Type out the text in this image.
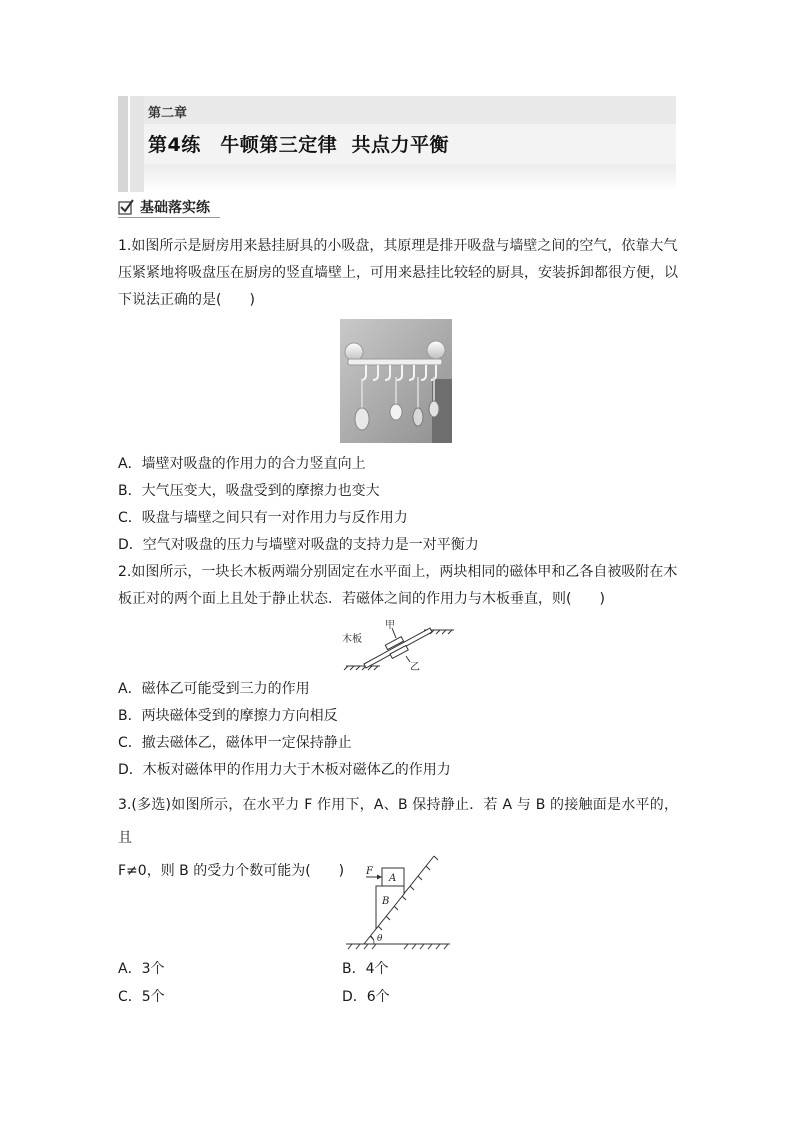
第二章
第4练　牛顿第三定律  共点力平衡
基础落实练
1.如图所示是厨房用来悬挂厨具的小吸盘，其原理是排开吸盘与墙壁之间的空气，依靠大气
压紧紧地将吸盘压在厨房的竖直墙壁上，可用来悬挂比较轻的厨具，安装拆卸都很方便，以
下说法正确的是(　　)
A．墙壁对吸盘的作用力的合力竖直向上
B．大气压变大，吸盘受到的摩擦力也变大
C．吸盘与墙壁之间只有一对作用力与反作用力
D．空气对吸盘的压力与墙壁对吸盘的支持力是一对平衡力
2.如图所示，一块长木板两端分别固定在水平面上，两块相同的磁体甲和乙各自被吸附在木
板正对的两个面上且处于静止状态．若磁体之间的作用力与木板垂直，则(　　)
甲
木板
乙
A．磁体乙可能受到三力的作用
B．两块磁体受到的摩擦力方向相反
C．撤去磁体乙，磁体甲一定保持静止
D．木板对磁体甲的作用力大于木板对磁体乙的作用力
3.(多选)如图所示，在水平力 F 作用下，A、B 保持静止．若 A 与 B 的接触面是水平的，且
F≠0，则 B 的受力个数可能为(　　)	F
A
B
θ
A．3个	B．4个
C．5个	D．6个
